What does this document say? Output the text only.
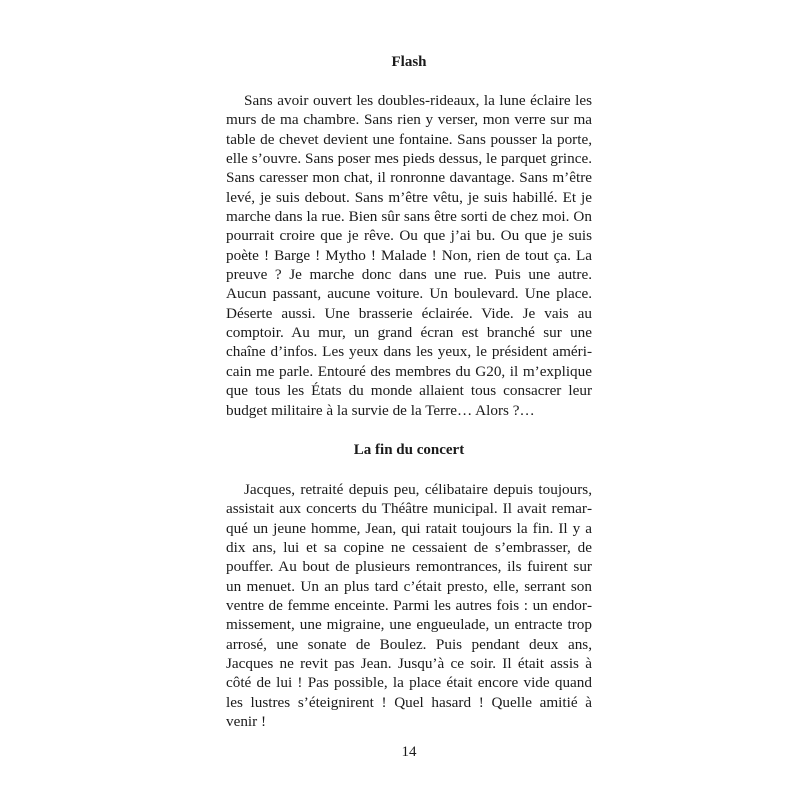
Flash

Sans avoir ouvert les doubles-rideaux, la lune éclaire les murs de ma chambre. Sans rien y verser, mon verre sur ma table de chevet devient une fontaine. Sans pousser la porte, elle s’ouvre. Sans poser mes pieds dessus, le parquet grince. Sans caresser mon chat, il ronronne davantage. Sans m’être levé, je suis debout. Sans m’être vêtu, je suis habillé. Et je marche dans la rue. Bien sûr sans être sorti de chez moi. On pourrait croire que je rêve. Ou que j’ai bu. Ou que je suis poète ! Barge ! Mytho ! Malade ! Non, rien de tout ça. La preuve ? Je marche donc dans une rue. Puis une autre. Aucun passant, aucune voiture. Un boulevard. Une place. Déserte aussi. Une brasserie éclairée. Vide. Je vais au comptoir. Au mur, un grand écran est branché sur une chaîne d’infos. Les yeux dans les yeux, le président américain me parle. Entouré des membres du G20, il m’explique que tous les États du monde allaient tous consacrer leur budget militaire à la survie de la Terre… Alors ?…

La fin du concert

Jacques, retraité depuis peu, célibataire depuis toujours, assistait aux concerts du Théâtre municipal. Il avait remarqué un jeune homme, Jean, qui ratait toujours la fin. Il y a dix ans, lui et sa copine ne cessaient de s’embrasser, de pouffer. Au bout de plusieurs remontrances, ils fuirent sur un menuet. Un an plus tard c’était presto, elle, serrant son ventre de femme enceinte. Parmi les autres fois : un endormissement, une migraine, une engueulade, un entracte trop arrosé, une sonate de Boulez. Puis pendant deux ans, Jacques ne revit pas Jean. Jusqu’à ce soir. Il était assis à côté de lui ! Pas possible, la place était encore vide quand les lustres s’éteignirent ! Quel hasard ! Quelle amitié à venir !

14
